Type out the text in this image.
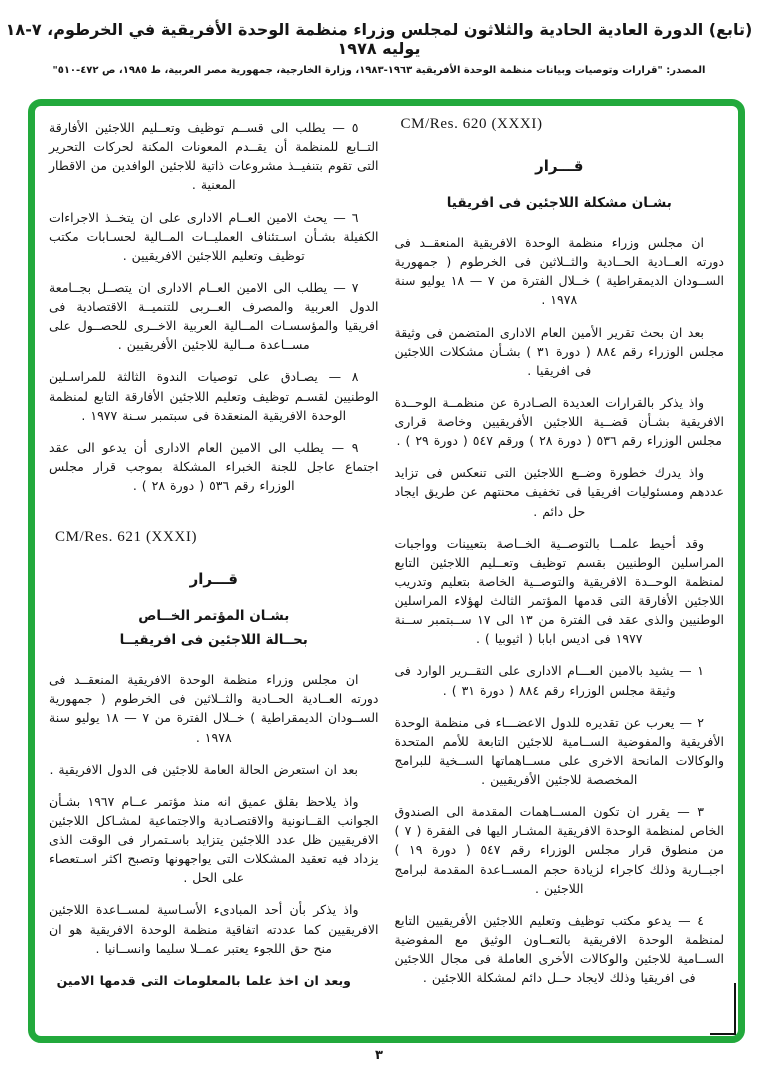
(تابع) الدورة العادية الحادية والثلاثون لمجلس وزراء منظمة الوحدة الأفريقية في الخرطوم، ٧-١٨ يوليه ١٩٧٨
المصدر: "قرارات وتوصيات وبيانات منظمة الوحدة الأفريقية ١٩٦٣-١٩٨٣، وزارة الخارجية، جمهورية مصر العربية، ط ١٩٨٥، ص ٤٧٢-٥١٠"
CM/Res. 620 (XXXI)
قـــرار
بشـان مشكلة اللاجئين فى افريقيا

ان مجلس وزراء منظمة الوحدة الافريقية المنعقــد فى دورته العــادية الحــادية والثــلاثين فى الخرطوم ( جمهورية الســودان الديمقراطية ) خــلال الفترة من ٧ — ١٨ يوليو سنة ١٩٧٨ .

بعد ان بحث تقرير الأمين العام الادارى المتضمن فى وثيقة مجلس الوزراء رقم ٨٨٤ ( دورة ٣١ ) بشـأن مشكلات اللاجئين فى افريقيا .

واذ يذكر بالقرارات العديدة الصـادرة عن منظمــة الوحــدة الافريقية بشـأن قضــية اللاجئين الأفريقيين وخاصة قرارى مجلس الوزراء رقم ٥٣٦ ( دورة ٢٨ ) ورقم ٥٤٧ ( دورة ٢٩ ) .

واذ يدرك خطورة وضــع اللاجئين التى تنعكس فى تزايد عددهم ومسئوليات افريقيا فى تخفيف محنتهم عن طريق ايجاد حل دائم .

وقد أحيط علمــا بالتوصــية الخــاصة بتعيينات وواجبات المراسلين الوطنيين بقسم توظيف وتعــليم اللاجئين التابع لمنظمة الوحــدة الافريقية والتوصــية الخاصة بتعليم وتدريب اللاجئين الأفارقة التى قدمها المؤتمر الثالث لهؤلاء المراسلين الوطنيين والذى عقد فى الفترة من ١٣ الى ١٧ ســبتمبر ســنة ١٩٧٧ فى اديس ابابا ( اثيوبيا ) .

١ — يشيد بالامين العـــام الادارى على التقــرير الوارد فى وثيقة مجلس الوزراء رقم ٨٨٤ ( دورة ٣١ ) .

٢ — يعرب عن تقديره للدول الاعضـــاء فى منظمة الوحدة الأفريقية والمفوضية الســامية للاجئين التابعة للأمم المتحدة والوكالات المانحة الاخرى على مســاهماتها الســخية للبرامج المخصصة للاجئين الأفريقيين .

٣ — يقرر ان تكون المســاهمات المقدمة الى الصندوق الخاص لمنظمة الوحدة الافريقية المشـار اليها فى الفقرة ( ٧ ) من منطوق قرار مجلس الوزراء رقم ٥٤٧ ( دورة ١٩ ) اجبــارية وذلك كاجراء لزيادة حجم المســاعدة المقدمة لبرامج اللاجئين .

٤ — يدعو مكتب توظيف وتعليم اللاجئين الأفريقيين التابع لمنظمة الوحدة الافريقية بالتعــاون الوثيق مع المفوضية الســامية للاجئين والوكالات الأخرى العاملة فى مجال اللاجئين فى افريقيا وذلك لايجاد حــل دائم لمشكلة اللاجئين .

٥ — يطلب الى قســم توظيف وتعــليم اللاجئين الأفارقة التــابع للمنظمة أن يقــدم المعونات المكنة لحركات التحرير التى تقوم بتنفيــذ مشروعات ذاتية للاجئين الوافدين من الاقطار المعنية .

٦ — يحث الامين العــام الادارى على ان يتخــذ الاجراءات الكفيلة بشـأن اسـتئناف العمليــات المــالية لحسـابات مكتب توظيف وتعليم اللاجئين الافريقيين .

٧ — يطلب الى الامين العــام الادارى ان يتصــل بجــامعة الدول العربية والمصرف العــربى للتنميــة الاقتصادية فى افريقيا والمؤسسـات المــالية العربية الاخــرى للحصــول على مســاعدة مــالية للاجئين الأفريقيين .

٨ — يصـادق على توصيات الندوة الثالثة للمراسـلين الوطنيين لقسـم توظيف وتعليم اللاجئين الأفارقة التابع لمنظمة الوحدة الافريقية المنعقدة فى سبتمبر سـنة ١٩٧٧ .

٩ — يطلب الى الامين العام الادارى أن يدعو الى عقد اجتماع عاجل للجنة الخبراء المشكلة بموجب قرار مجلس الوزراء رقم ٥٣٦ ( دورة ٢٨ ) .

CM/Res. 621 (XXXI)
قـــرار
بشـان المؤتمر الخــاص
بحــالة اللاجئين فى افريقيــا

ان مجلس وزراء منظمة الوحدة الافريقية المنعقــد فى دورته العــادية الحــادية والثــلاثين فى الخرطوم ( جمهورية الســودان الديمقراطية ) خــلال الفترة من ٧ — ١٨ يوليو سنة ١٩٧٨ .

بعد ان استعرض الحالة العامة للاجئين فى الدول الافريقية .

واذ يلاحظ بقلق عميق انه منذ مؤتمر عــام ١٩٦٧ بشـأن الجوانب القــانونية والاقتصـادية والاجتماعية لمشـاكل اللاجئين الافريقيين ظل عدد اللاجئين يتزايد باسـتمرار فى الوقت الذى يزداد فيه تعقيد المشكلات التى يواجهونها وتصبح اكثر اسـتعصاء على الحل .

واذ يذكر بأن أحد المبادىء الأسـاسية لمســاعدة اللاجئين الافريقيين كما عددته اتفاقية منظمة الوحدة الافريقية هو ان منح حق اللجوء يعتبر عمــلا سليما وانســانيا .

وبعد ان اخذ علما بالمعلومات التى قدمها الامين

٣
